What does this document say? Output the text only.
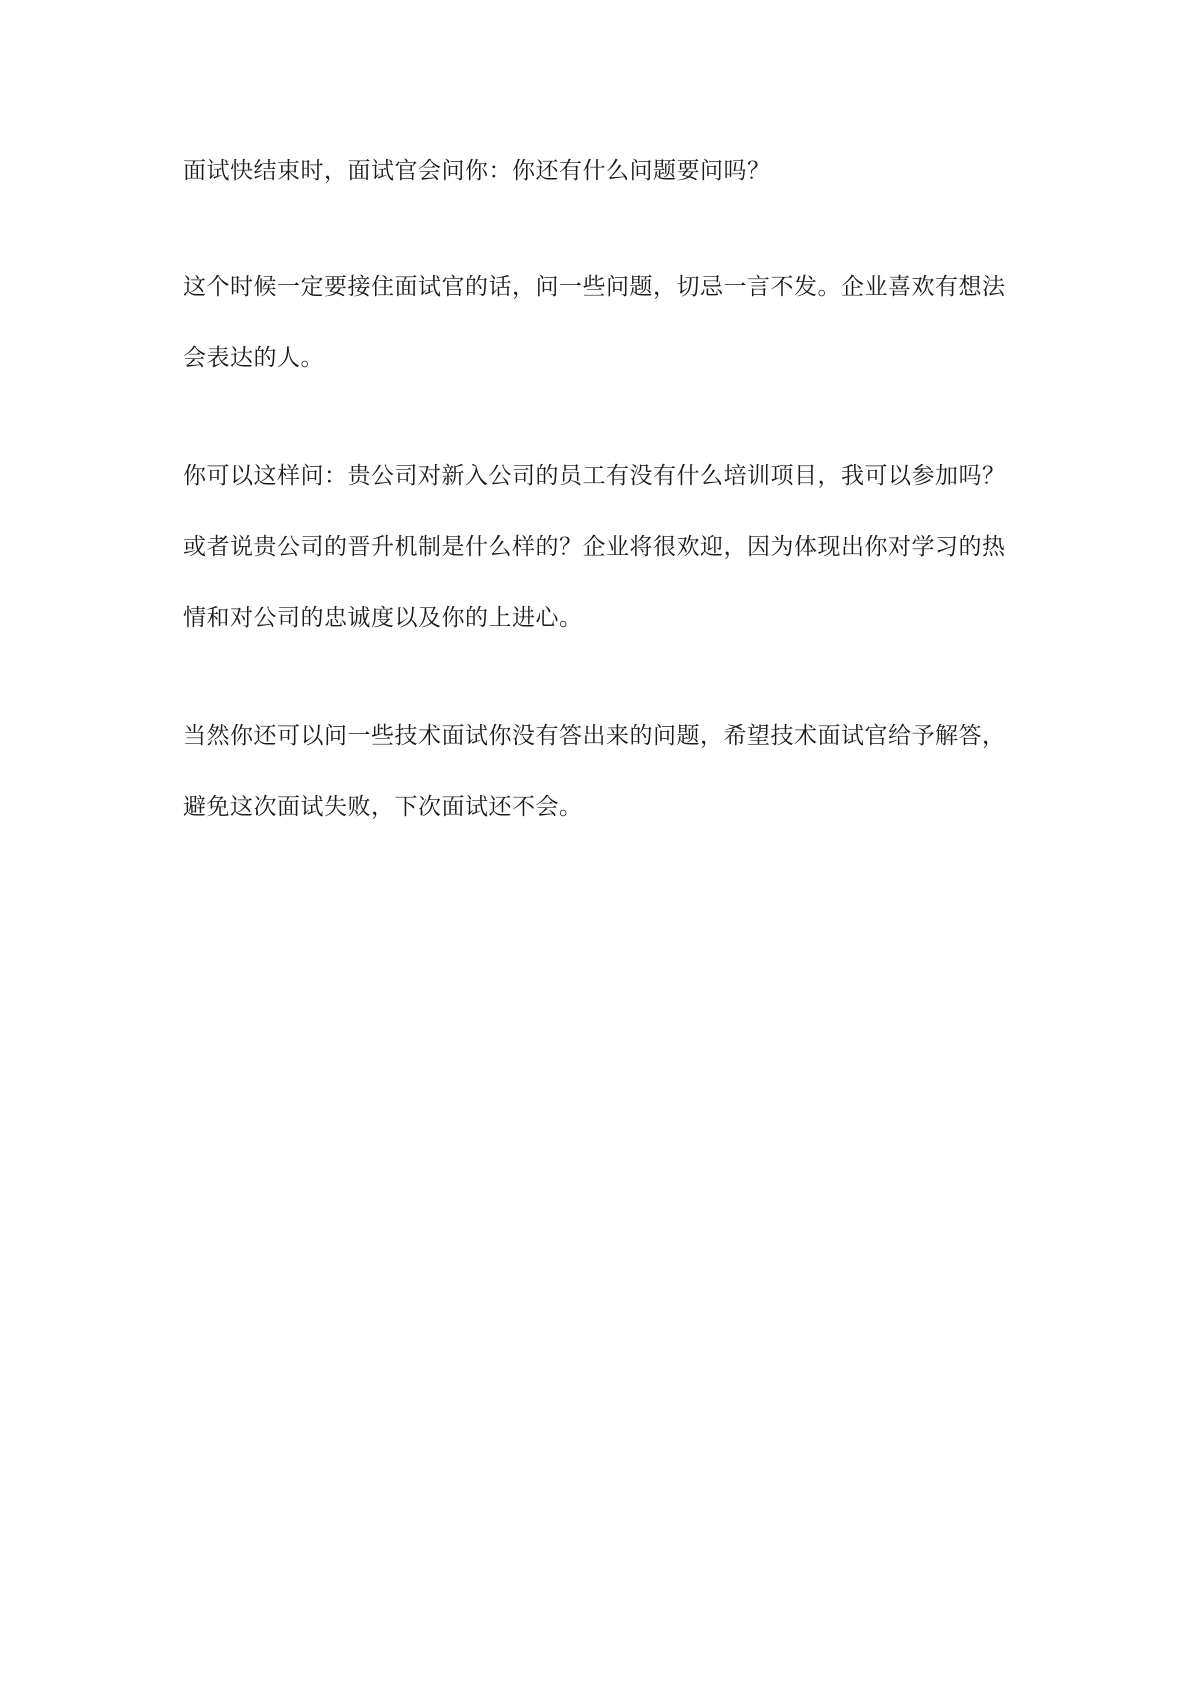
面试快结束时，面试官会问你：你还有什么问题要问吗？
这个时候一定要接住面试官的话，问一些问题，切忌一言不发。企业喜欢有想法
会表达的人。
你可以这样问：贵公司对新入公司的员工有没有什么培训项目，我可以参加吗？
或者说贵公司的晋升机制是什么样的？企业将很欢迎，因为体现出你对学习的热
情和对公司的忠诚度以及你的上进心。
当然你还可以问一些技术面试你没有答出来的问题，希望技术面试官给予解答，
避免这次面试失败，下次面试还不会。
